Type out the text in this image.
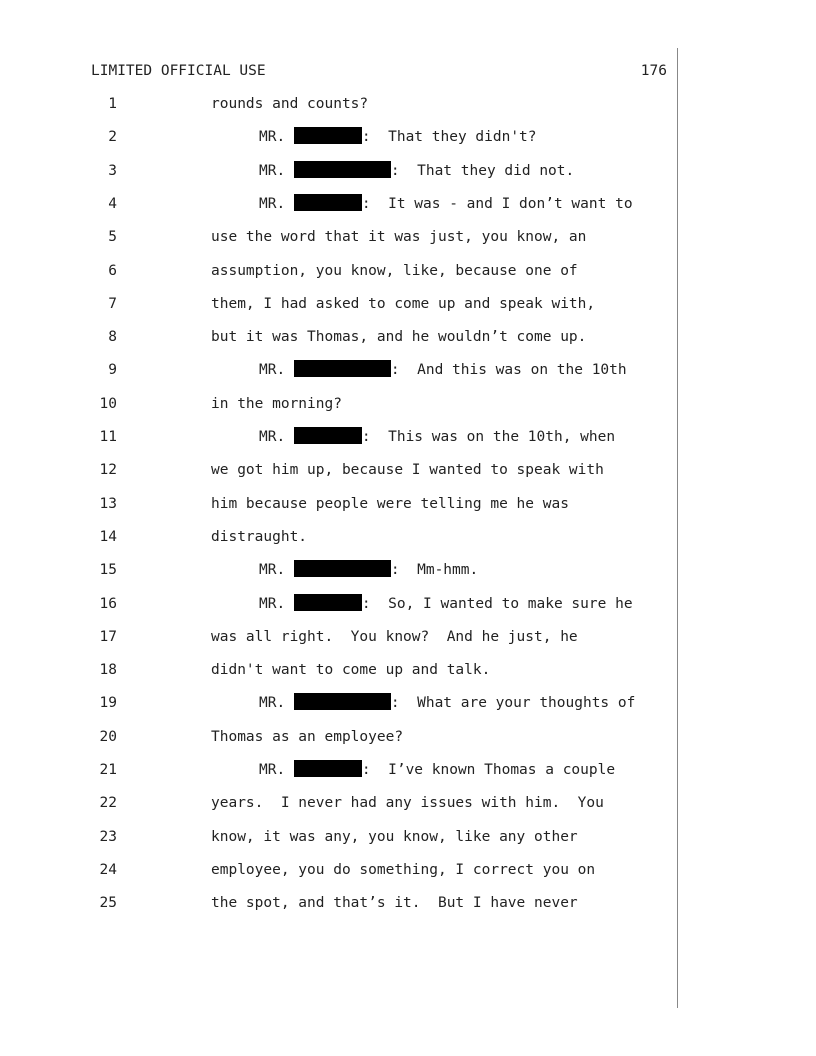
LIMITED OFFICIAL USE	176
1	rounds and counts?
2	MR.	:  That they didn't?
3	MR.	:  That they did not.
4	MR.	:  It was - and I don’t want to
5	use the word that it was just, you know, an
6	assumption, you know, like, because one of
7	them, I had asked to come up and speak with,
8	but it was Thomas, and he wouldn’t come up.
9	MR.	:  And this was on the 10th
10	in the morning?
11	MR.	:  This was on the 10th, when
12	we got him up, because I wanted to speak with
13	him because people were telling me he was
14	distraught.
15	MR.	:  Mm-hmm.
16	MR.	:  So, I wanted to make sure he
17	was all right.  You know?  And he just, he
18	didn't want to come up and talk.
19	MR.	:  What are your thoughts of
20	Thomas as an employee?
21	MR.	:  I’ve known Thomas a couple
22	years.  I never had any issues with him.  You
23	know, it was any, you know, like any other
24	employee, you do something, I correct you on
25	the spot, and that’s it.  But I have never
